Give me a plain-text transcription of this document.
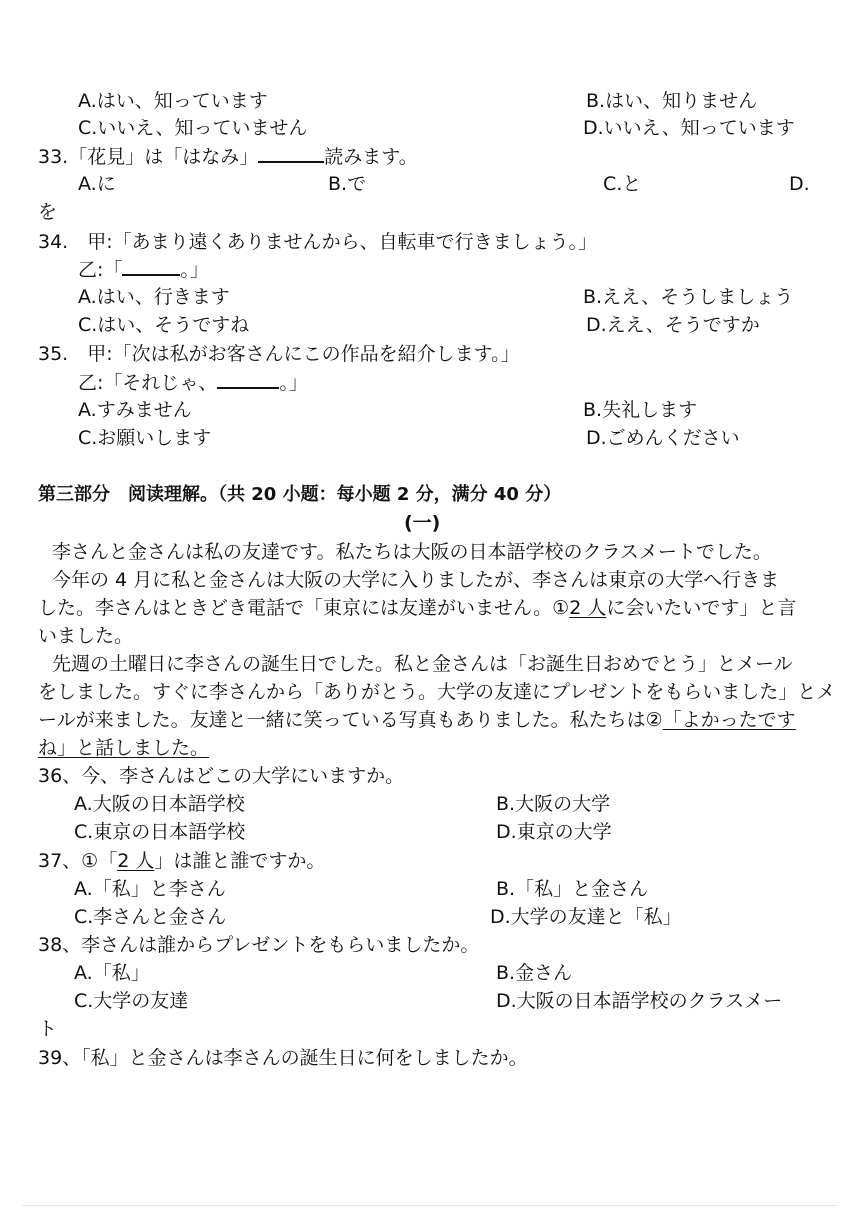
A.はい、知っています	B.はい、知りません
C.いいえ、知っていません	D.いいえ、知っています
33.「花見」は「はなみ」	読みます。
A.に	B.で	C.と	D.
を
34.　甲:「あまり遠くありませんから、自転車で行きましょう。」
乙:「	。」
A.はい、行きます	B.ええ、そうしましょう
C.はい、そうですね	D.ええ、そうですか
35.　甲:「次は私がお客さんにこの作品を紹介します。」
乙:「それじゃ、	。」
A.すみません	B.失礼します
C.お願いします	D.ごめんください
第三部分　阅读理解。（共 20 小题：每小题 2 分，满分 40 分）
(一)
李さんと金さんは私の友達です。私たちは大阪の日本語学校のクラスメートでした。
今年の 4 月に私と金さんは大阪の大学に入りましたが、李さんは東京の大学へ行きま
した。李さんはときどき電話で「東京には友達がいません。①2 人に会いたいです」と言
いました。
先週の土曜日に李さんの誕生日でした。私と金さんは「お誕生日おめでとう」とメール
をしました。すぐに李さんから「ありがとう。大学の友達にプレゼントをもらいました」とメ
ールが来ました。友達と一緒に笑っている写真もありました。私たちは②「よかったです
ね」と話しました。
36、今、李さんはどこの大学にいますか。
A.大阪の日本語学校	B.大阪の大学
C.東京の日本語学校	D.東京の大学
37、①「2 人」は誰と誰ですか。
A.「私」と李さん	B.「私」と金さん
C.李さんと金さん	D.大学の友達と「私」
38、李さんは誰からプレゼントをもらいましたか。
A.「私」	B.金さん
C.大学の友達	D.大阪の日本語学校のクラスメー
ト
39、「私」と金さんは李さんの誕生日に何をしましたか。
